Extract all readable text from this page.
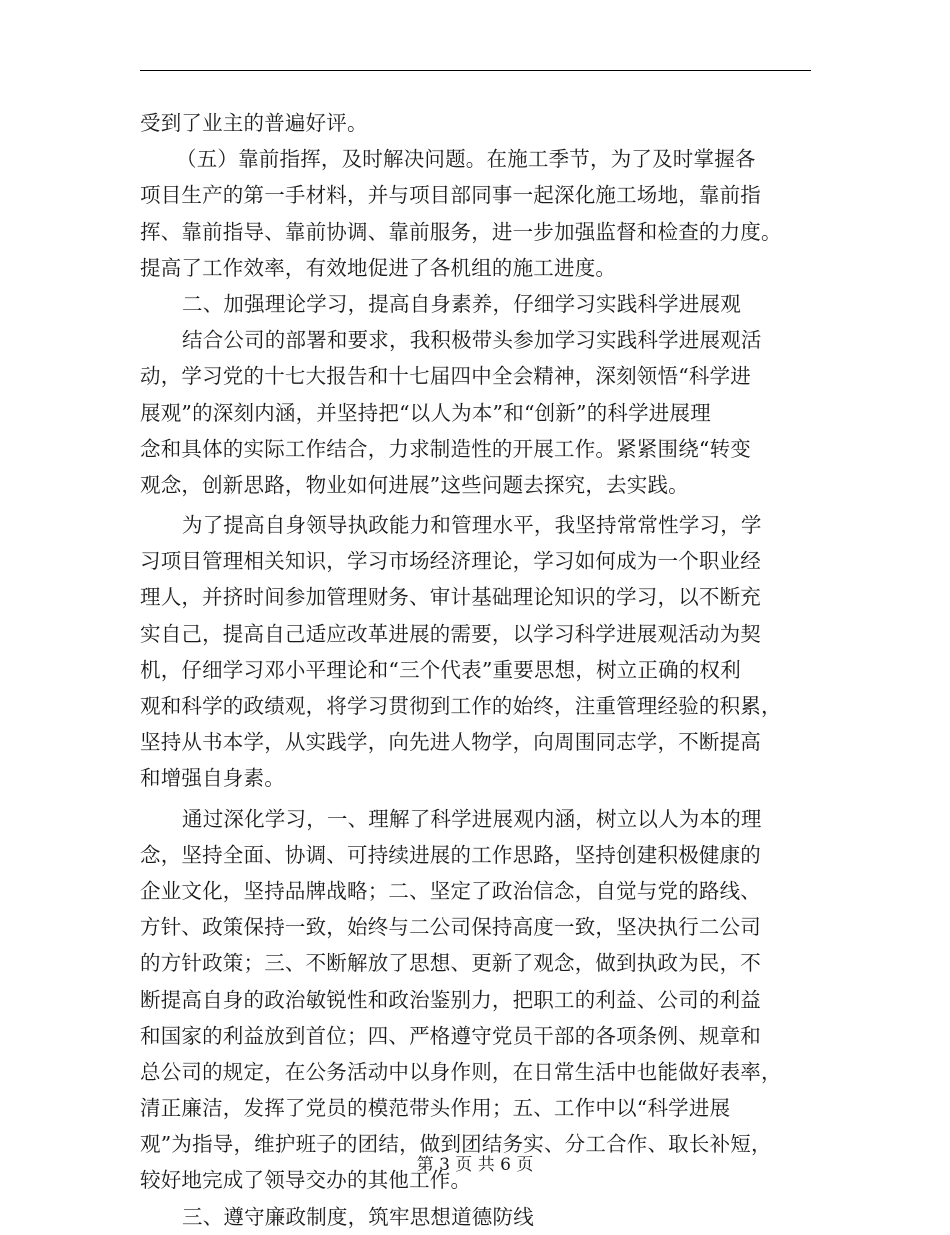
受到了业主的普遍好评。
（五）靠前指挥，及时解决问题。在施工季节，为了及时掌握各
项目生产的第一手材料，并与项目部同事一起深化施工场地，靠前指
挥、靠前指导、靠前协调、靠前服务，进一步加强监督和检查的力度。
提高了工作效率，有效地促进了各机组的施工进度。
二、加强理论学习，提高自身素养，仔细学习实践科学进展观
结合公司的部署和要求，我积极带头参加学习实践科学进展观活
动，学习党的十七大报告和十七届四中全会精神，深刻领悟“科学进
展观”的深刻内涵，并坚持把“以人为本”和“创新”的科学进展理
念和具体的实际工作结合，力求制造性的开展工作。紧紧围绕“转变
观念，创新思路，物业如何进展”这些问题去探究，去实践。
为了提高自身领导执政能力和管理水平，我坚持常常性学习，学
习项目管理相关知识，学习市场经济理论，学习如何成为一个职业经
理人，并挤时间参加管理财务、审计基础理论知识的学习，以不断充
实自己，提高自己适应改革进展的需要，以学习科学进展观活动为契
机，仔细学习邓小平理论和“三个代表”重要思想，树立正确的权利
观和科学的政绩观，将学习贯彻到工作的始终，注重管理经验的积累，
坚持从书本学，从实践学，向先进人物学，向周围同志学，不断提高
和增强自身素。
通过深化学习，一、理解了科学进展观内涵，树立以人为本的理
念，坚持全面、协调、可持续进展的工作思路，坚持创建积极健康的
企业文化，坚持品牌战略；二、坚定了政治信念，自觉与党的路线、
方针、政策保持一致，始终与二公司保持高度一致，坚决执行二公司
的方针政策；三、不断解放了思想、更新了观念，做到执政为民，不
断提高自身的政治敏锐性和政治鉴别力，把职工的利益、公司的利益
和国家的利益放到首位；四、严格遵守党员干部的各项条例、规章和
总公司的规定，在公务活动中以身作则，在日常生活中也能做好表率，
清正廉洁，发挥了党员的模范带头作用；五、工作中以“科学进展
观”为指导，维护班子的团结，做到团结务实、分工合作、取长补短，
较好地完成了领导交办的其他工作。
三、遵守廉政制度，筑牢思想道德防线
第 3 页 共 6 页
